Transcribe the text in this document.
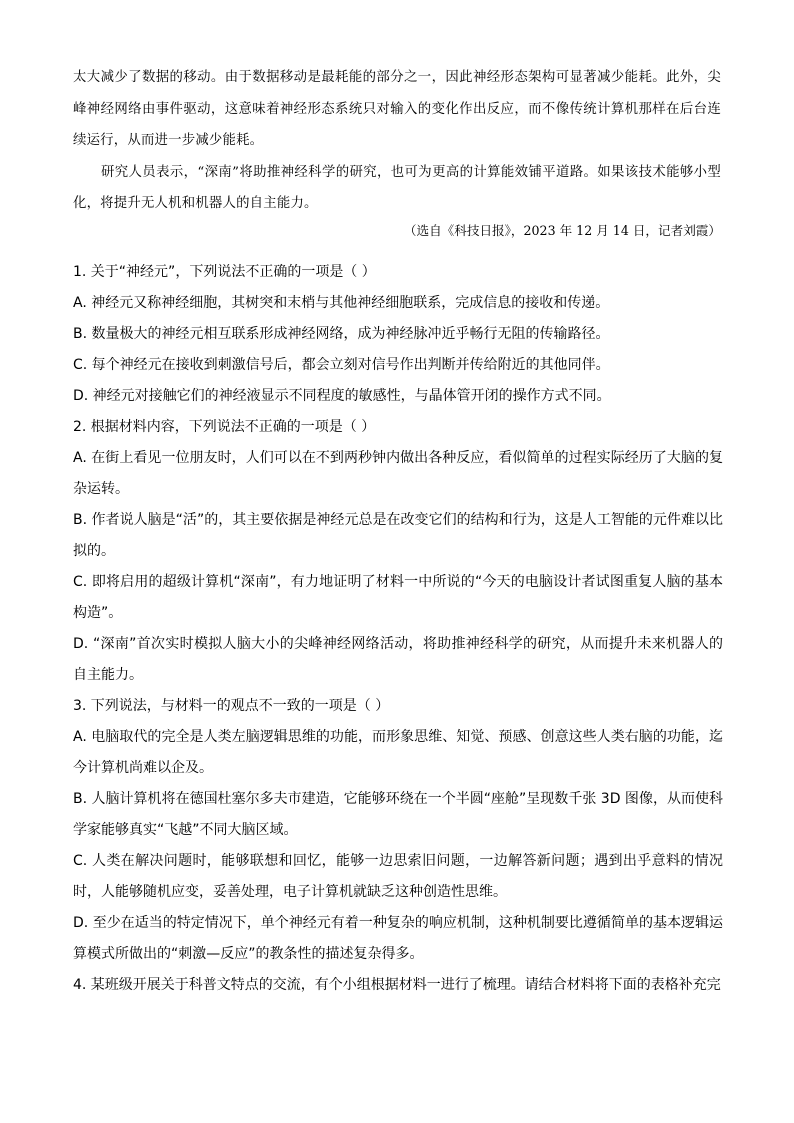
太大减少了数据的移动。由于数据移动是最耗能的部分之一，因此神经形态架构可显著减少能耗。此外，尖峰神经网络由事件驱动，这意味着神经形态系统只对输入的变化作出反应，而不像传统计算机那样在后台连续运行，从而进一步减少能耗。

研究人员表示，“深南”将助推神经科学的研究，也可为更高的计算能效铺平道路。如果该技术能够小型化，将提升无人机和机器人的自主能力。

（选自《科技日报》，2023 年 12 月 14 日，记者刘霞）

1. 关于“神经元”，下列说法不正确的一项是（ ）

A. 神经元又称神经细胞，其树突和末梢与其他神经细胞联系，完成信息的接收和传递。

B. 数量极大的神经元相互联系形成神经网络，成为神经脉冲近乎畅行无阻的传输路径。

C. 每个神经元在接收到刺激信号后，都会立刻对信号作出判断并传给附近的其他同伴。

D. 神经元对接触它们的神经液显示不同程度的敏感性，与晶体管开闭的操作方式不同。

2. 根据材料内容，下列说法不正确的一项是（ ）

A. 在街上看见一位朋友时，人们可以在不到两秒钟内做出各种反应，看似简单的过程实际经历了大脑的复杂运转。

B. 作者说人脑是“活”的，其主要依据是神经元总是在改变它们的结构和行为，这是人工智能的元件难以比拟的。

C. 即将启用的超级计算机“深南”，有力地证明了材料一中所说的“今天的电脑设计者试图重复人脑的基本构造”。

D. “深南”首次实时模拟人脑大小的尖峰神经网络活动，将助推神经科学的研究，从而提升未来机器人的自主能力。

3. 下列说法，与材料一的观点不一致的一项是（ ）

A. 电脑取代的完全是人类左脑逻辑思维的功能，而形象思维、知觉、预感、创意这些人类右脑的功能，迄今计算机尚难以企及。

B. 人脑计算机将在德国杜塞尔多夫市建造，它能够环绕在一个半圆“座舱”呈现数千张 3D 图像，从而使科学家能够真实“飞越”不同大脑区域。

C. 人类在解决问题时，能够联想和回忆，能够一边思索旧问题，一边解答新问题；遇到出乎意料的情况时，人能够随机应变，妥善处理，电子计算机就缺乏这种创造性思维。

D. 至少在适当的特定情况下，单个神经元有着一种复杂的响应机制，这种机制要比遵循简单的基本逻辑运算模式所做出的“刺激—反应”的教条性的描述复杂得多。

4. 某班级开展关于科普文特点的交流，有个小组根据材料一进行了梳理。请结合材料将下面的表格补充完
